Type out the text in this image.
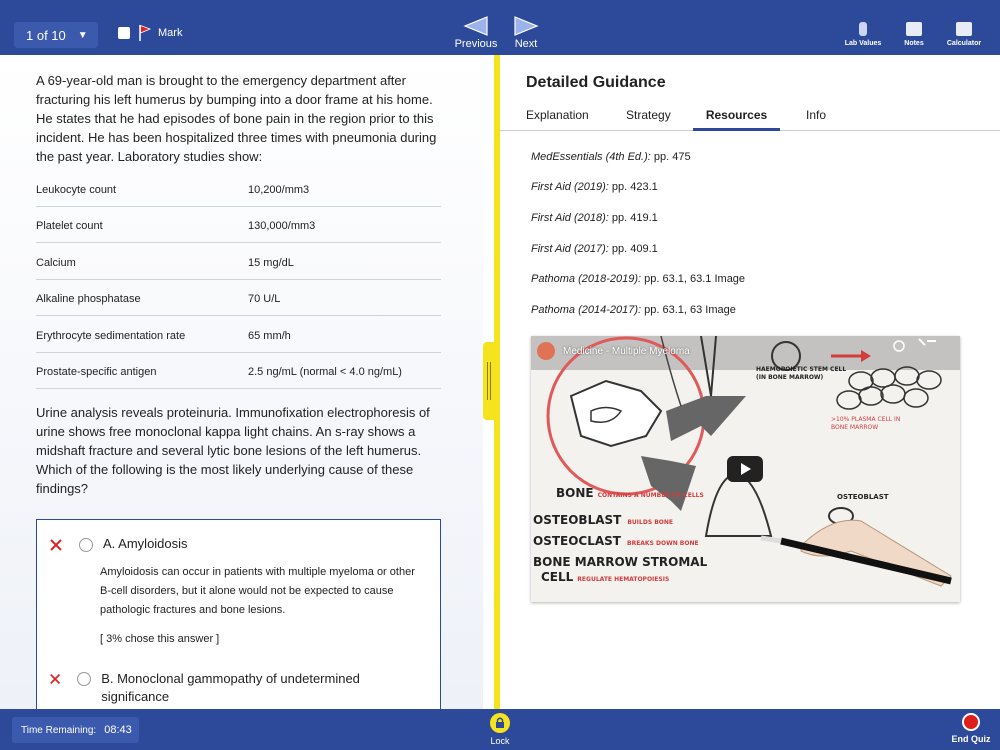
1 of 10 ▼	Mark
Previous	Next	Lab Values	Notes	Calculator

A 69-year-old man is brought to the emergency department after fracturing his left humerus by bumping into a door frame at his home. He states that he had episodes of bone pain in the region prior to this incident. He has been hospitalized three times with pneumonia during the past year. Laboratory studies show:

Leukocyte count	10,200/mm3
Platelet count	130,000/mm3
Calcium	15 mg/dL
Alkaline phosphatase	70 U/L
Erythrocyte sedimentation rate	65 mm/h
Prostate-specific antigen	2.5 ng/mL (normal < 4.0 ng/mL)

Urine analysis reveals proteinuria. Immunofixation electrophoresis of urine shows free monoclonal kappa light chains. An s-ray shows a midshaft fracture and several lytic bone lesions of the left humerus. Which of the following is the most likely underlying cause of these findings?

A. Amyloidosis

Amyloidosis can occur in patients with multiple myeloma or other B-cell disorders, but it alone would not be expected to cause pathologic fractures and bone lesions.

[ 3% chose this answer ]

B. Monoclonal gammopathy of undetermined significance
Detailed Guidance
Explanation	Strategy	Resources	Info
MedEssentials (4th Ed.): pp. 475
First Aid (2019): pp. 423.1
First Aid (2018): pp. 419.1
First Aid (2017): pp. 409.1
Pathoma (2018-2019): pp. 63.1, 63.1 Image
Pathoma (2014-2017): pp. 63.1, 63 Image
Medicine - Multiple Myeloma
HAEMOPOIETIC STEM CELL
(IN BONE MARROW)
>10% PLASMA CELL IN BONE MARROW
OSTEOBLAST
BONE CONTAINS A NUMBER OF CELLS
OSTEOBLAST BUILDS BONE
OSTEOCLAST BREAKS DOWN BONE
BONE MARROW STROMAL
CELL REGULATE HEMATOPOIESIS
Time Remaining: 08:43
Lock	End Quiz
